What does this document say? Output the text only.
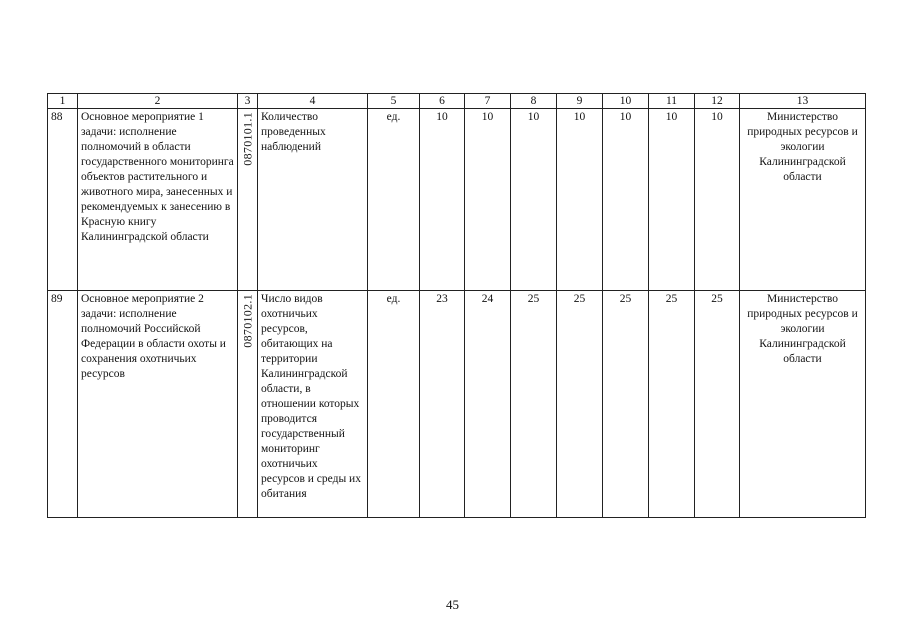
1	2	3	4	5	6	7	8	9	10	11	12	13
88	Основное мероприятие 1 задачи: исполнение полномочий в области государственного мониторинга объектов растительного и животного мира, занесенных и рекомендуемых к занесению в Красную книгу Калининградской области	0870101.1	Количество проведенных наблюдений	ед.	10	10	10	10	10	10	10	Министерство природных ресурсов и экологии Калининградской области
89	Основное мероприятие 2 задачи: исполнение полномочий Российской Федерации в области охоты и сохранения охотничьих ресурсов	0870102.1	Число видов охотничьих ресурсов, обитающих на территории Калининградской области, в отношении которых проводится государственный мониторинг охотничьих ресурсов и среды их обитания	ед.	23	24	25	25	25	25	25	Министерство природных ресурсов и экологии Калининградской области
45
